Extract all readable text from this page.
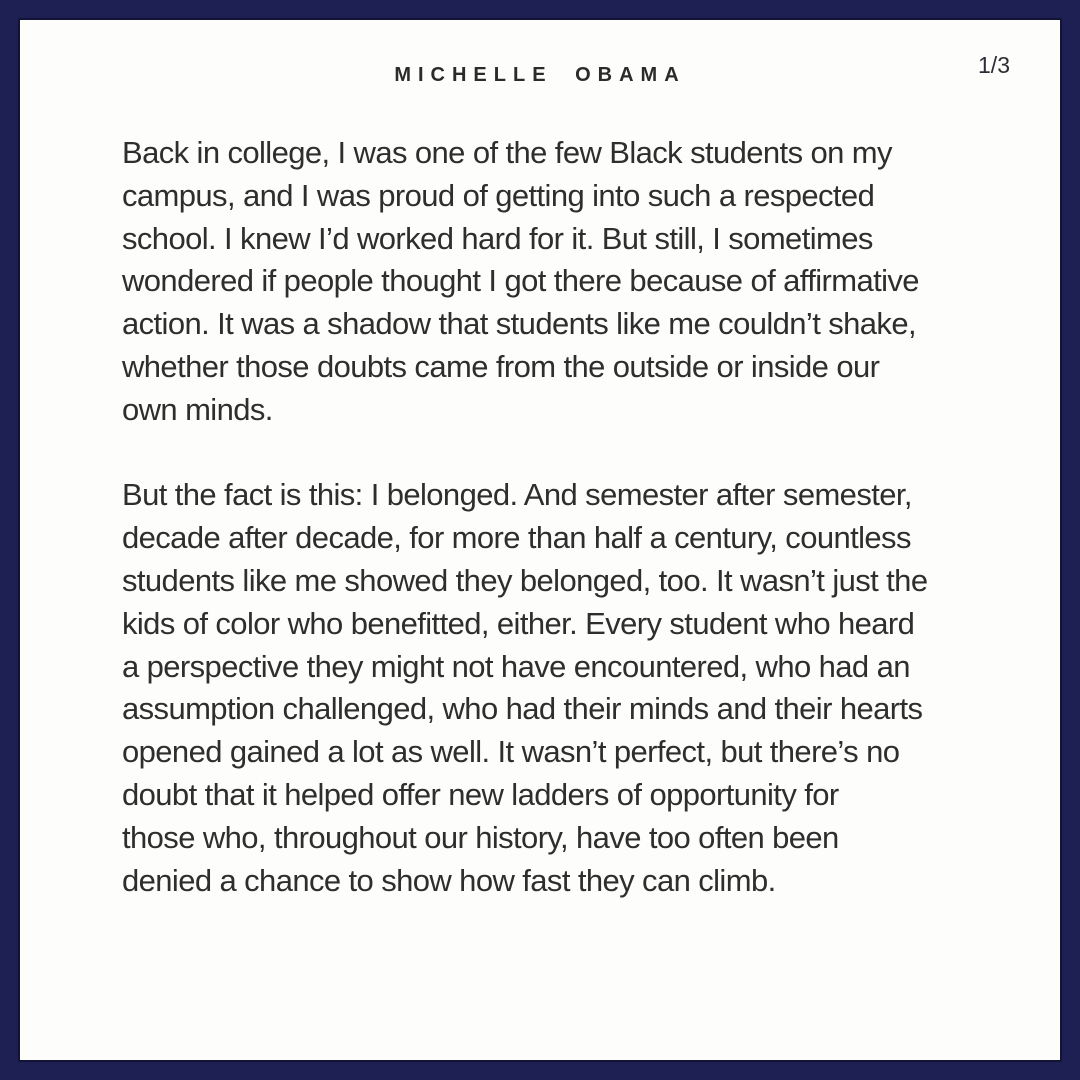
MICHELLE OBAMA	1/3
Back in college, I was one of the few Black students on my
campus, and I was proud of getting into such a respected
school. I knew I’d worked hard for it. But still, I sometimes
wondered if people thought I got there because of affirmative
action. It was a shadow that students like me couldn’t shake,
whether those doubts came from the outside or inside our
own minds.
But the fact is this: I belonged. And semester after semester,
decade after decade, for more than half a century, countless
students like me showed they belonged, too. It wasn’t just the
kids of color who benefitted, either. Every student who heard
a perspective they might not have encountered, who had an
assumption challenged, who had their minds and their hearts
opened gained a lot as well. It wasn’t perfect, but there’s no
doubt that it helped offer new ladders of opportunity for
those who, throughout our history, have too often been
denied a chance to show how fast they can climb.
